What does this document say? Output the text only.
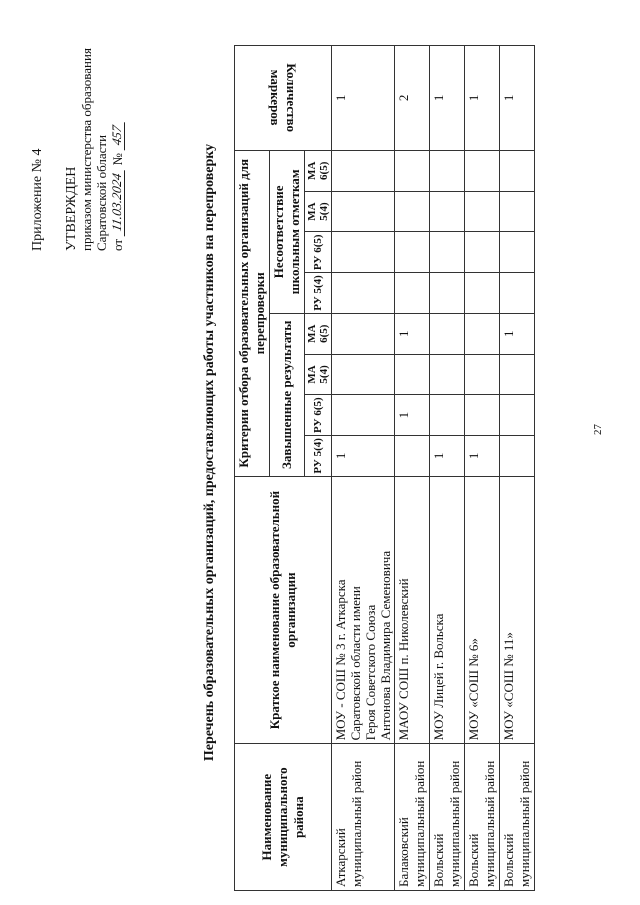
27
Приложение № 4 УТВЕРЖДЕН приказом министерства образования Саратовской области от
11.03.2024
№
457
Перечень образовательных организаций, предоставляющих работы участников на перепроверку
Наименование муниципального района	Краткое наименование образовательной организации	Критерии отбора образовательных организаций для перепроверки								Количество маркеров
		Завышенные результаты				Несоответствие школьным отметкам				
		РУ 5(4)	РУ 6(5)	МА 5(4)	МА 6(5)	РУ 5(4)	РУ 6(5)	МА 5(4)	МА 6(5)	
Аткарский муниципальный район	МОУ - СОШ № 3 г. Аткарска Саратовской области имени Героя Советского Союза Антонова Владимира Семеновича	1								1
Балаковский муниципальный район	МАОУ СОШ п. Николевский		1		1					2
Вольский муниципальный район	МОУ Лицей г. Вольска	1								1
Вольский муниципальный район	МОУ «СОШ № 6»	1								1
Вольский муниципальный район	МОУ «СОШ № 11»				1					1
